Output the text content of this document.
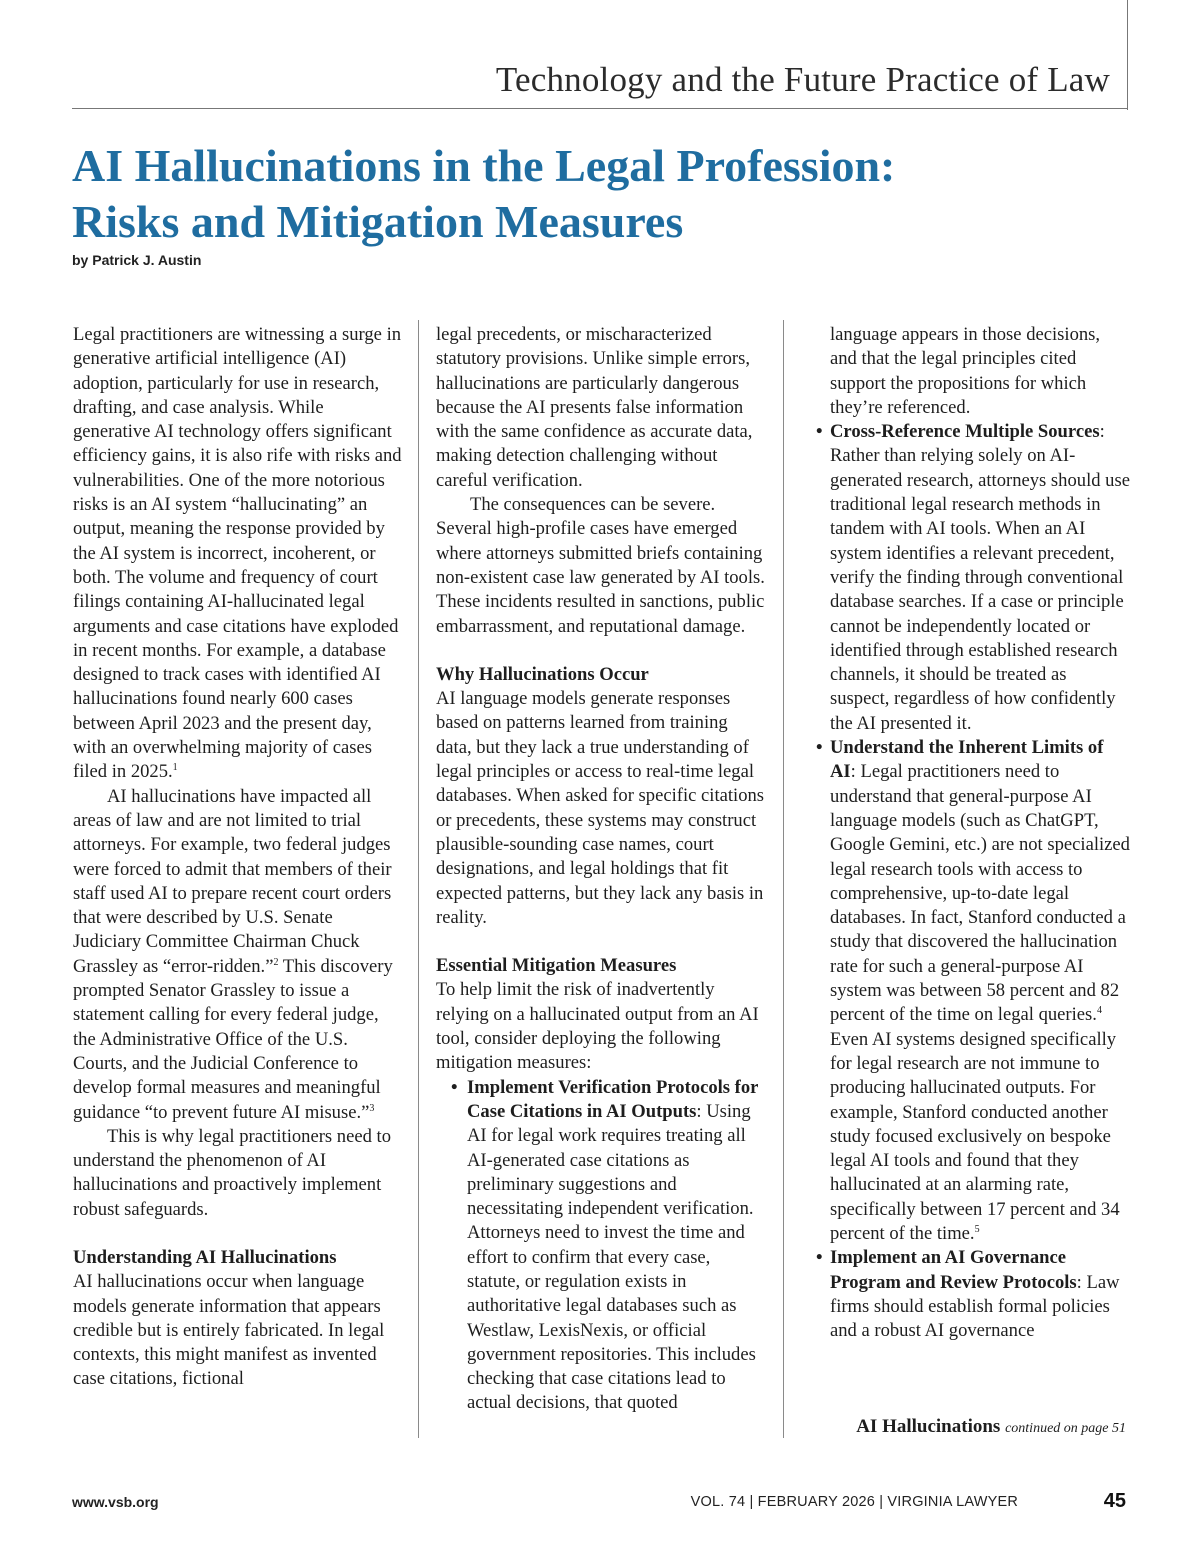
Technology and the Future Practice of Law
AI Hallucinations in the Legal Profession:
Risks and Mitigation Measures
by Patrick J. Austin

Legal practitioners are witnessing a surge in generative artificial intelligence (AI) adoption, particularly for use in research, drafting, and case analysis. While generative AI technology offers significant efficiency gains, it is also rife with risks and vulnerabilities. One of the more notorious risks is an AI system “hallucinating” an output, meaning the response provided by the AI system is incorrect, incoherent, or both. The volume and frequency of court filings containing AI-hallucinated legal arguments and case citations have exploded in recent months. For example, a database designed to track cases with identified AI hallucinations found nearly 600 cases between April 2023 and the present day, with an overwhelming majority of cases filed in 2025.$^1$

AI hallucinations have impacted all areas of law and are not limited to trial attorneys. For example, two federal judges were forced to admit that members of their staff used AI to prepare recent court orders that were described by U.S. Senate Judiciary Committee Chairman Chuck Grassley as “error-ridden.”$^2$ This discovery prompted Senator Grassley to issue a statement calling for every federal judge, the Administrative Office of the U.S. Courts, and the Judicial Conference to develop formal measures and meaningful guidance “to prevent future AI misuse.”$^3$

This is why legal practitioners need to understand the phenomenon of AI hallucinations and proactively implement robust safeguards.

Understanding AI Hallucinations

AI hallucinations occur when language models generate information that appears credible but is entirely fabricated. In legal contexts, this might manifest as invented case citations, fictional

legal precedents, or mischaracterized statutory provisions. Unlike simple errors, hallucinations are particularly dangerous because the AI presents false information with the same confidence as accurate data, making detection challenging without careful verification.

The consequences can be severe. Several high-profile cases have emerged where attorneys submitted briefs containing non-existent case law generated by AI tools. These incidents resulted in sanctions, public embarrassment, and reputational damage.

Why Hallucinations Occur

AI language models generate responses based on patterns learned from training data, but they lack a true understanding of legal principles or access to real-time legal databases. When asked for specific citations or precedents, these systems may construct plausible-sounding case names, court designations, and legal holdings that fit expected patterns, but they lack any basis in reality.

Essential Mitigation Measures

To help limit the risk of inadvertently relying on a hallucinated output from an AI tool, consider deploying the following mitigation measures:

• Implement Verification Protocols for Case Citations in AI Outputs: Using AI for legal work requires treating all AI-generated case citations as preliminary suggestions and necessitating independent verification. Attorneys need to invest the time and effort to confirm that every case, statute, or regulation exists in authoritative legal databases such as Westlaw, LexisNexis, or official government repositories. This includes checking that case citations lead to actual decisions, that quoted

language appears in those decisions, and that the legal principles cited support the propositions for which they’re referenced.

• Cross-Reference Multiple Sources: Rather than relying solely on AI-generated research, attorneys should use traditional legal research methods in tandem with AI tools. When an AI system identifies a relevant precedent, verify the finding through conventional database searches. If a case or principle cannot be independently located or identified through established research channels, it should be treated as suspect, regardless of how confidently the AI presented it.
• Understand the Inherent Limits of AI: Legal practitioners need to understand that general-purpose AI language models (such as ChatGPT, Google Gemini, etc.) are not specialized legal research tools with access to comprehensive, up-to-date legal databases. In fact, Stanford conducted a study that discovered the hallucination rate for such a general-purpose AI system was between 58 percent and 82 percent of the time on legal queries.$^4$ Even AI systems designed specifically for legal research are not immune to producing hallucinated outputs. For example, Stanford conducted another study focused exclusively on bespoke legal AI tools and found that they hallucinated at an alarming rate, specifically between 17 percent and 34 percent of the time.$^5$
• Implement an AI Governance Program and Review Protocols: Law firms should establish formal policies and a robust AI governance
AI Hallucinations continued on page 51
www.vsb.org	VOL. 74 | FEBRUARY 2026 | VIRGINIA LAWYER	45
